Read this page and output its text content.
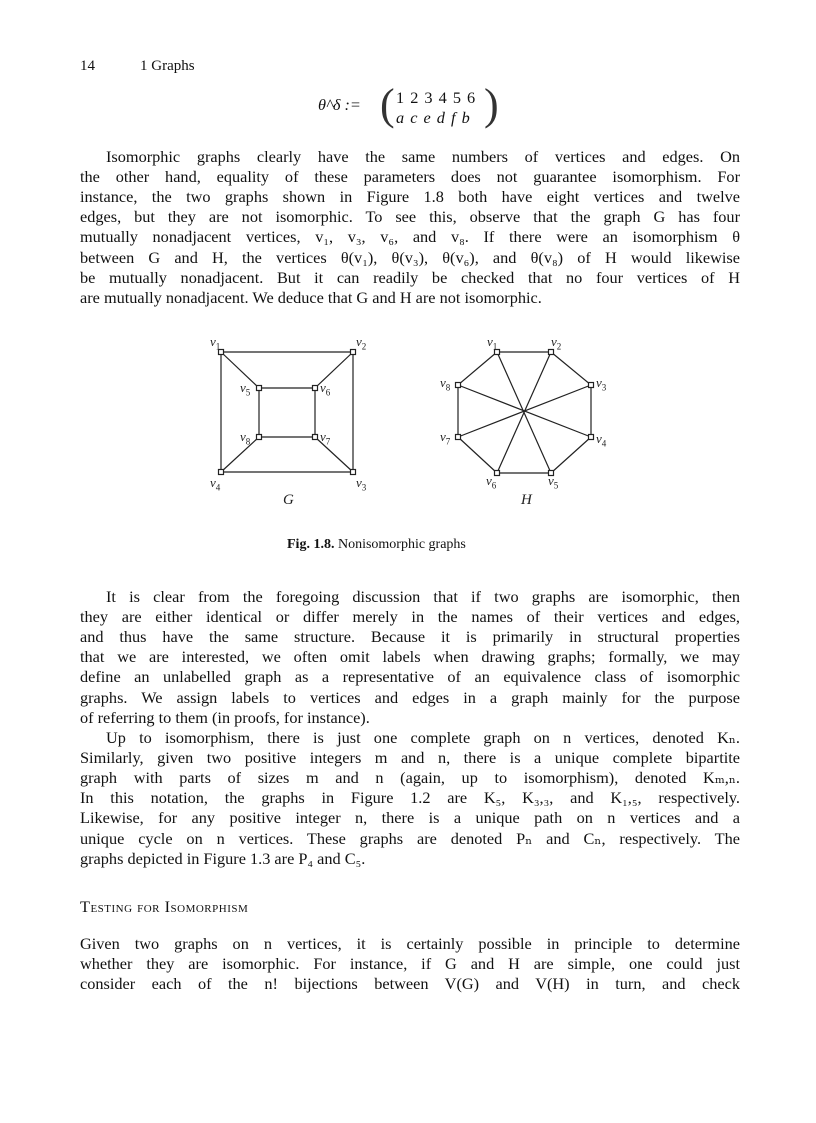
14	1 Graphs
θ^δ := ( 1 2 3 4 5 6
a c e d f b )
Isomorphic graphs clearly have the same numbers of vertices and edges. On
the other hand, equality of these parameters does not guarantee isomorphism. For
instance, the two graphs shown in Figure 1.8 both have eight vertices and twelve
edges, but they are not isomorphic. To see this, observe that the graph G has four
mutually nonadjacent vertices, v₁, v₃, v₆, and v₈. If there were an isomorphism θ
between G and H, the vertices θ(v₁), θ(v₃), θ(v₆), and θ(v₈) of H would likewise
be mutually nonadjacent. But it can readily be checked that no four vertices of H
are mutually nonadjacent. We deduce that G and H are not isomorphic.
$v_1$	$v_2$
$v_3$
$v_4$
$v_5$	$v_6$
$v_7$
$v_8$
$v_1$	$v_2$
$v_3$
$v_4$
$v_5$
$v_6$
$v_7$
$v_8$
G	H
Fig. 1.8. Nonisomorphic graphs
It is clear from the foregoing discussion that if two graphs are isomorphic, then
they are either identical or differ merely in the names of their vertices and edges,
and thus have the same structure. Because it is primarily in structural properties
that we are interested, we often omit labels when drawing graphs; formally, we may
define an unlabelled graph as a representative of an equivalence class of isomorphic
graphs. We assign labels to vertices and edges in a graph mainly for the purpose
of referring to them (in proofs, for instance).
Up to isomorphism, there is just one complete graph on n vertices, denoted Kₙ.
Similarly, given two positive integers m and n, there is a unique complete bipartite
graph with parts of sizes m and n (again, up to isomorphism), denoted Kₘ,ₙ.
In this notation, the graphs in Figure 1.2 are K₅, K₃,₃, and K₁,₅, respectively.
Likewise, for any positive integer n, there is a unique path on n vertices and a
unique cycle on n vertices. These graphs are denoted Pₙ and Cₙ, respectively. The
graphs depicted in Figure 1.3 are P₄ and C₅.
Testing for Isomorphism
Given two graphs on n vertices, it is certainly possible in principle to determine
whether they are isomorphic. For instance, if G and H are simple, one could just
consider each of the n! bijections between V(G) and V(H) in turn, and check
